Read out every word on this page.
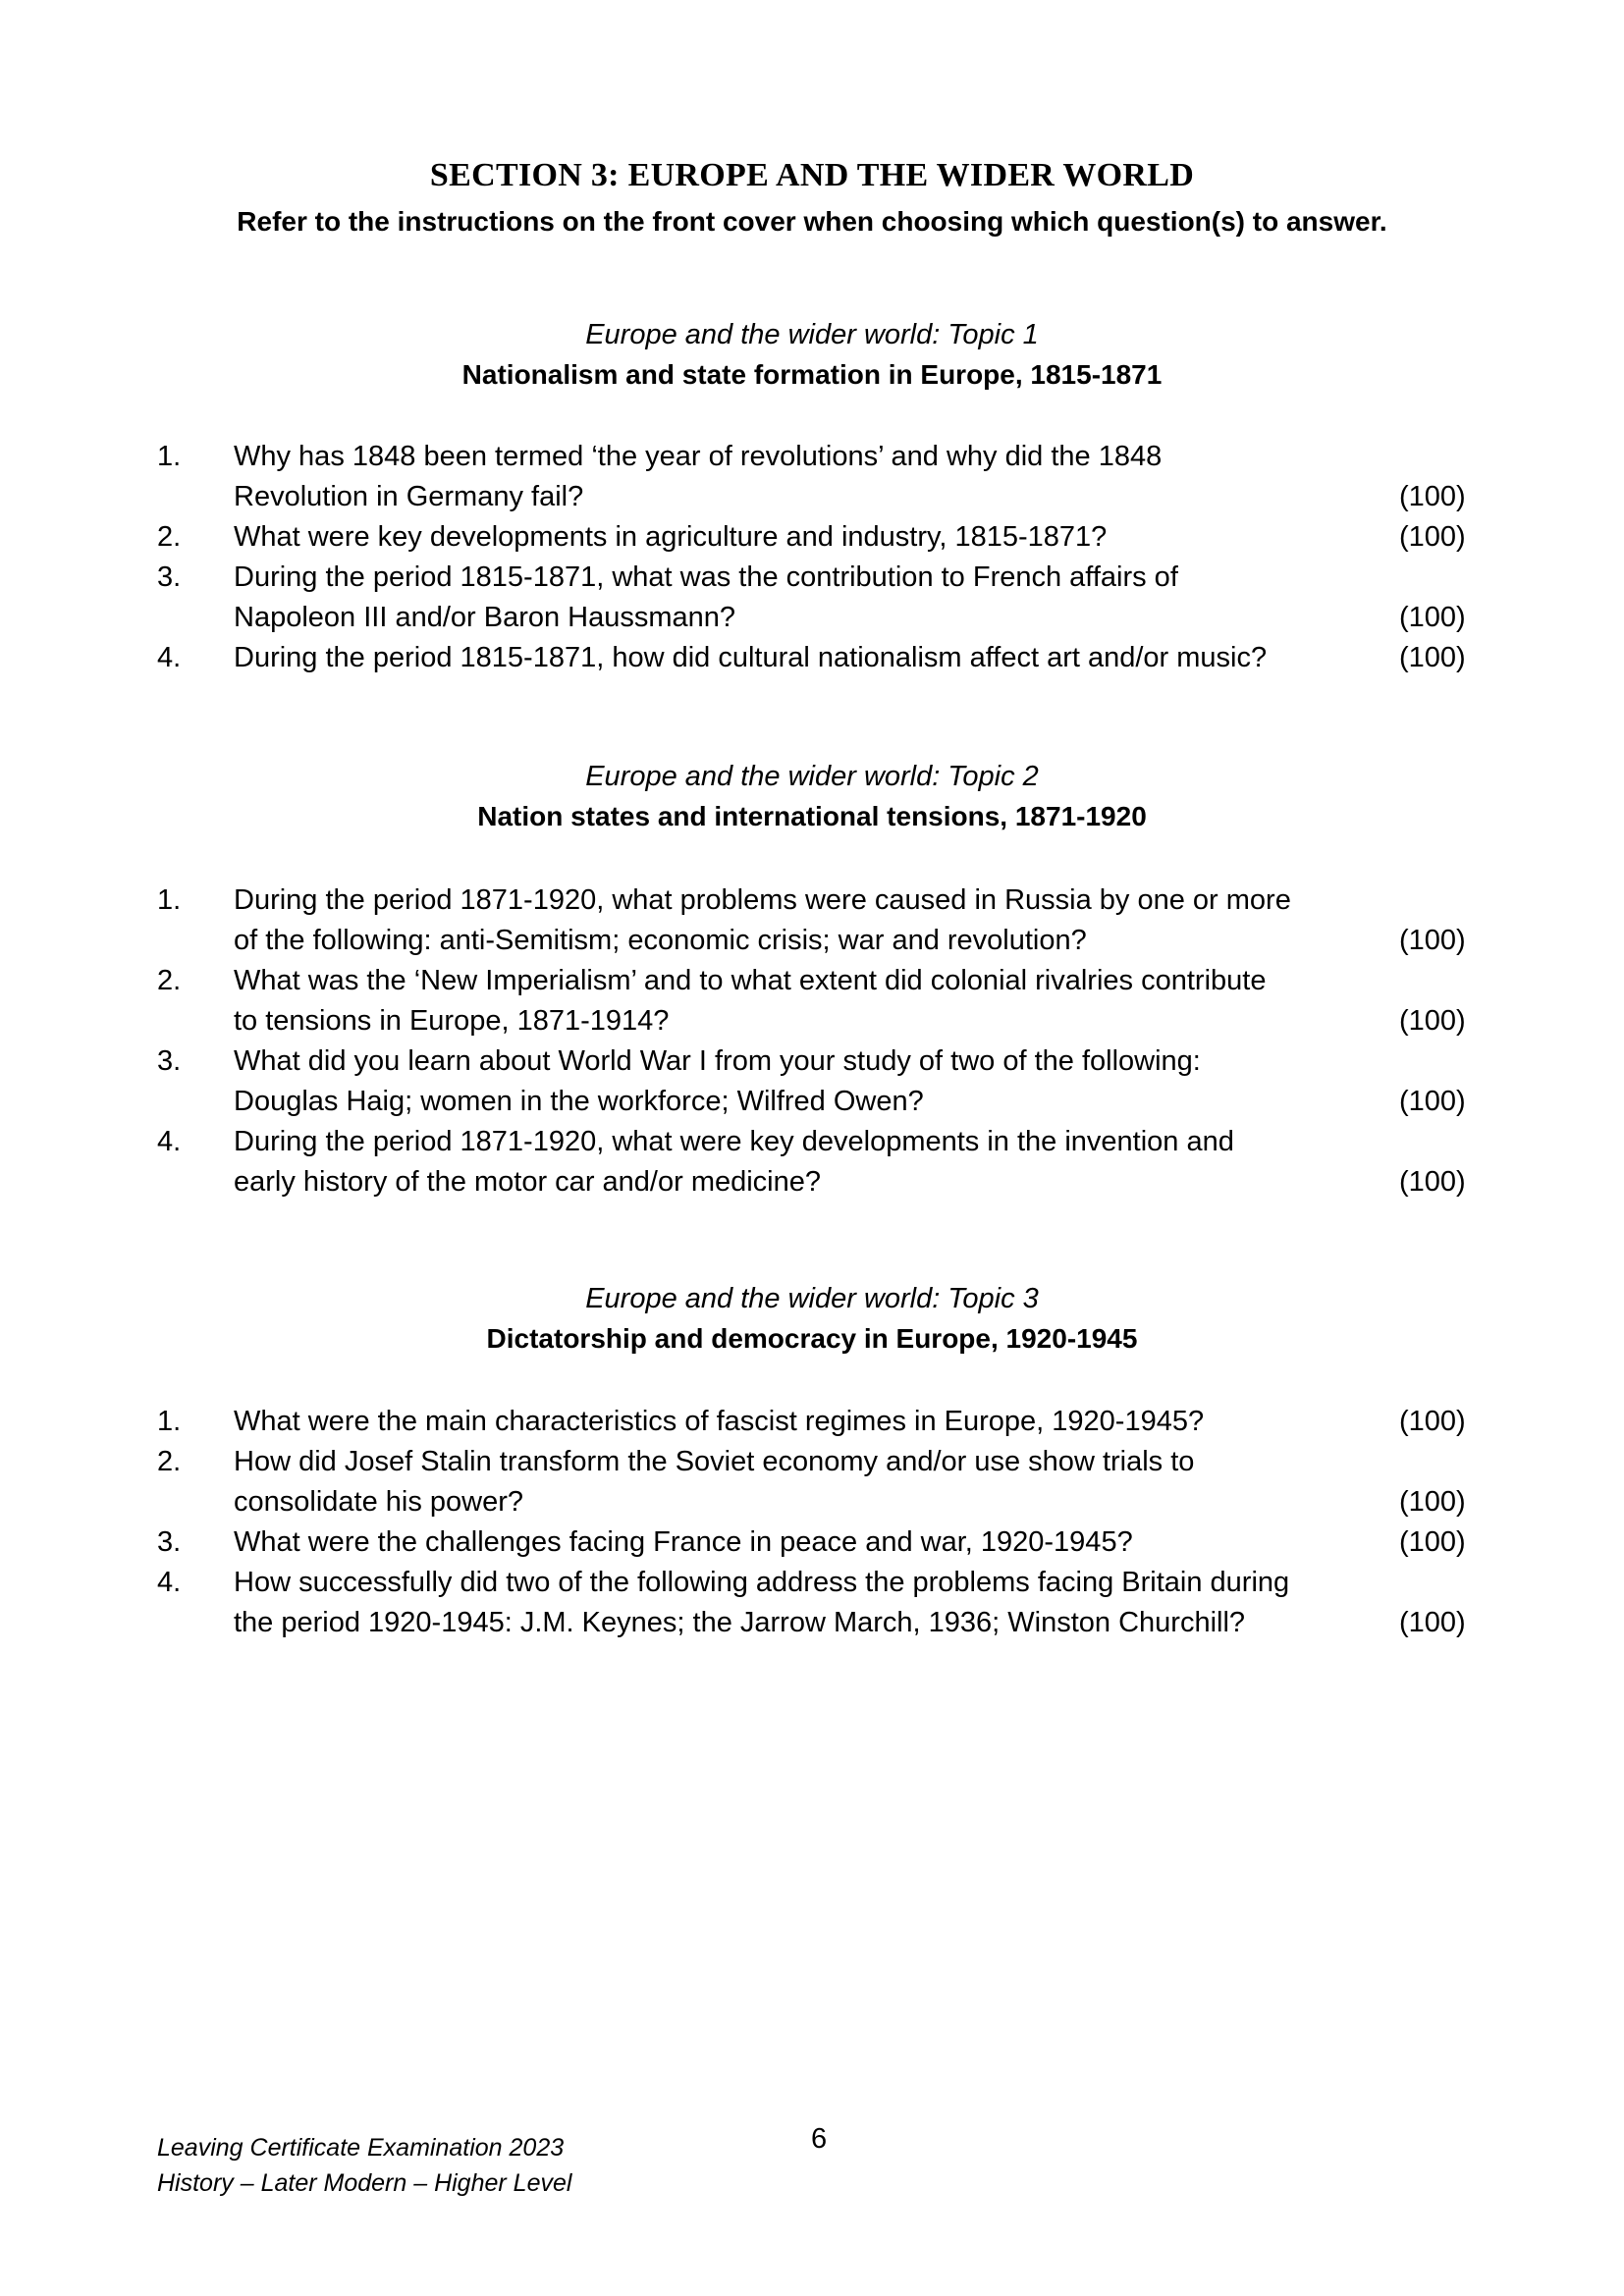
SECTION 3: EUROPE AND THE WIDER WORLD
Refer to the instructions on the front cover when choosing which question(s) to answer.
Europe and the wider world: Topic 1
Nationalism and state formation in Europe, 1815-1871
1. Why has 1848 been termed ‘the year of revolutions’ and why did the 1848
Revolution in Germany fail?	(100)
2. What were key developments in agriculture and industry, 1815-1871?	(100)
3. During the period 1815-1871, what was the contribution to French affairs of
Napoleon III and/or Baron Haussmann?	(100)
4. During the period 1815-1871, how did cultural nationalism affect art and/or music?	(100)
Europe and the wider world: Topic 2
Nation states and international tensions, 1871-1920
1. During the period 1871-1920, what problems were caused in Russia by one or more
of the following: anti-Semitism; economic crisis; war and revolution?	(100)
2. What was the ‘New Imperialism’ and to what extent did colonial rivalries contribute
to tensions in Europe, 1871-1914?	(100)
3. What did you learn about World War I from your study of two of the following:
Douglas Haig; women in the workforce; Wilfred Owen?	(100)
4. During the period 1871-1920, what were key developments in the invention and
early history of the motor car and/or medicine?	(100)
Europe and the wider world: Topic 3
Dictatorship and democracy in Europe, 1920-1945
1. What were the main characteristics of fascist regimes in Europe, 1920-1945?	(100)
2. How did Josef Stalin transform the Soviet economy and/or use show trials to
consolidate his power?	(100)
3. What were the challenges facing France in peace and war, 1920-1945?	(100)
4. How successfully did two of the following address the problems facing Britain during
the period 1920-1945: J.M. Keynes; the Jarrow March, 1936; Winston Churchill?	(100)
Leaving Certificate Examination 2023
History – Later Modern – Higher Level
6
